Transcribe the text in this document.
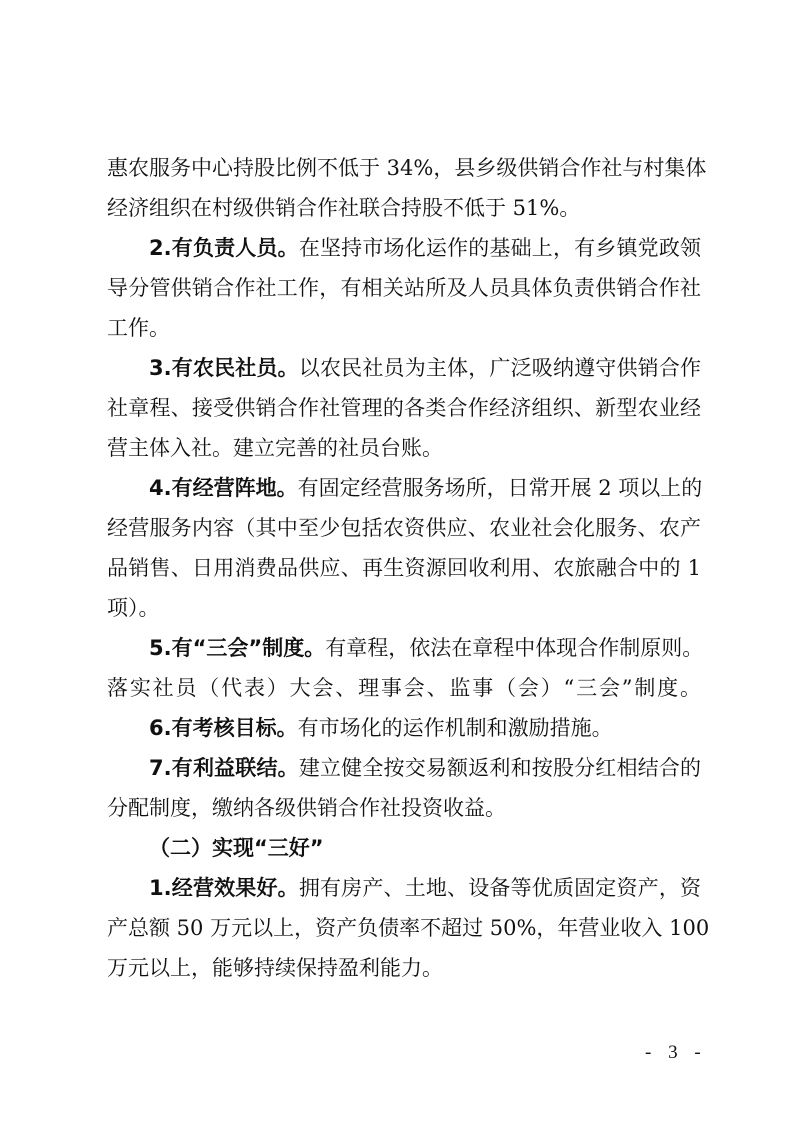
惠农服务中心持股比例不低于 34%，县乡级供销合作社与村集体
经济组织在村级供销合作社联合持股不低于 51%。
2.有负责人员。在坚持市场化运作的基础上，有乡镇党政领
导分管供销合作社工作，有相关站所及人员具体负责供销合作社
工作。
3.有农民社员。以农民社员为主体，广泛吸纳遵守供销合作
社章程、接受供销合作社管理的各类合作经济组织、新型农业经
营主体入社。建立完善的社员台账。
4.有经营阵地。有固定经营服务场所，日常开展 2 项以上的
经营服务内容（其中至少包括农资供应、农业社会化服务、农产
品销售、日用消费品供应、再生资源回收利用、农旅融合中的 1
项）。
5.有“三会”制度。有章程，依法在章程中体现合作制原则。
落实社员（代表）大会、理事会、监事（会）“三会”制度。
6.有考核目标。有市场化的运作机制和激励措施。
7.有利益联结。建立健全按交易额返利和按股分红相结合的
分配制度，缴纳各级供销合作社投资收益。
（二）实现“三好”
1.经营效果好。拥有房产、土地、设备等优质固定资产，资
产总额 50 万元以上，资产负债率不超过 50%，年营业收入 100
万元以上，能够持续保持盈利能力。
- 3 -
